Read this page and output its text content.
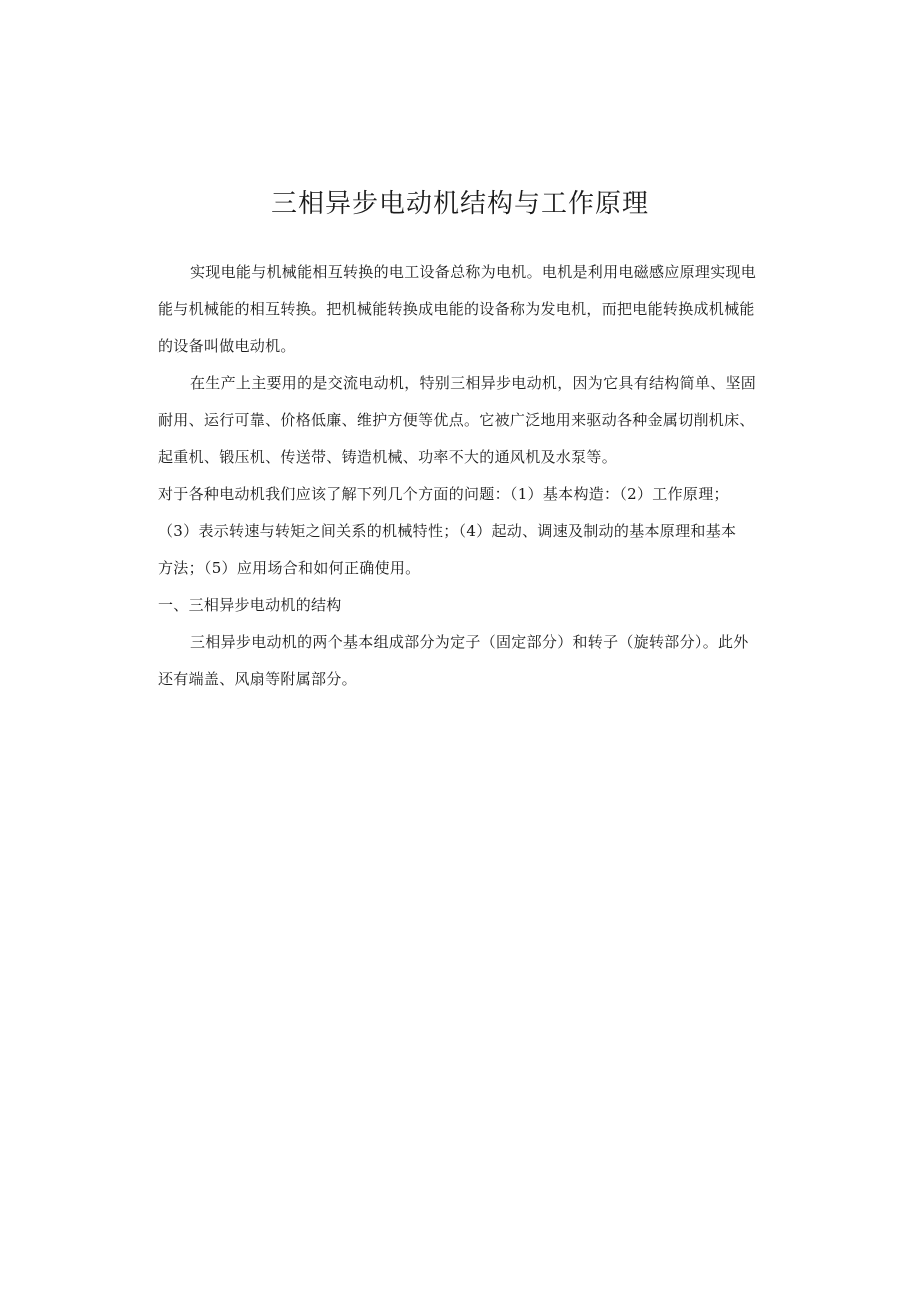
三相异步电动机结构与工作原理
实现电能与机械能相互转换的电工设备总称为电机。电机是利用电磁感应原理实现电
能与机械能的相互转换。把机械能转换成电能的设备称为发电机，而把电能转换成机械能
的设备叫做电动机。
在生产上主要用的是交流电动机，特别三相异步电动机，因为它具有结构简单、坚固
耐用、运行可靠、价格低廉、维护方便等优点。它被广泛地用来驱动各种金属切削机床、
起重机、锻压机、传送带、铸造机械、功率不大的通风机及水泵等。
对于各种电动机我们应该了解下列几个方面的问题：（1）基本构造：（2）工作原理；
（3）表示转速与转矩之间关系的机械特性；（4）起动、调速及制动的基本原理和基本
方法；（5）应用场合和如何正确使用。
一、三相异步电动机的结构
三相异步电动机的两个基本组成部分为定子（固定部分）和转子（旋转部分）。此外
还有端盖、风扇等附属部分。
